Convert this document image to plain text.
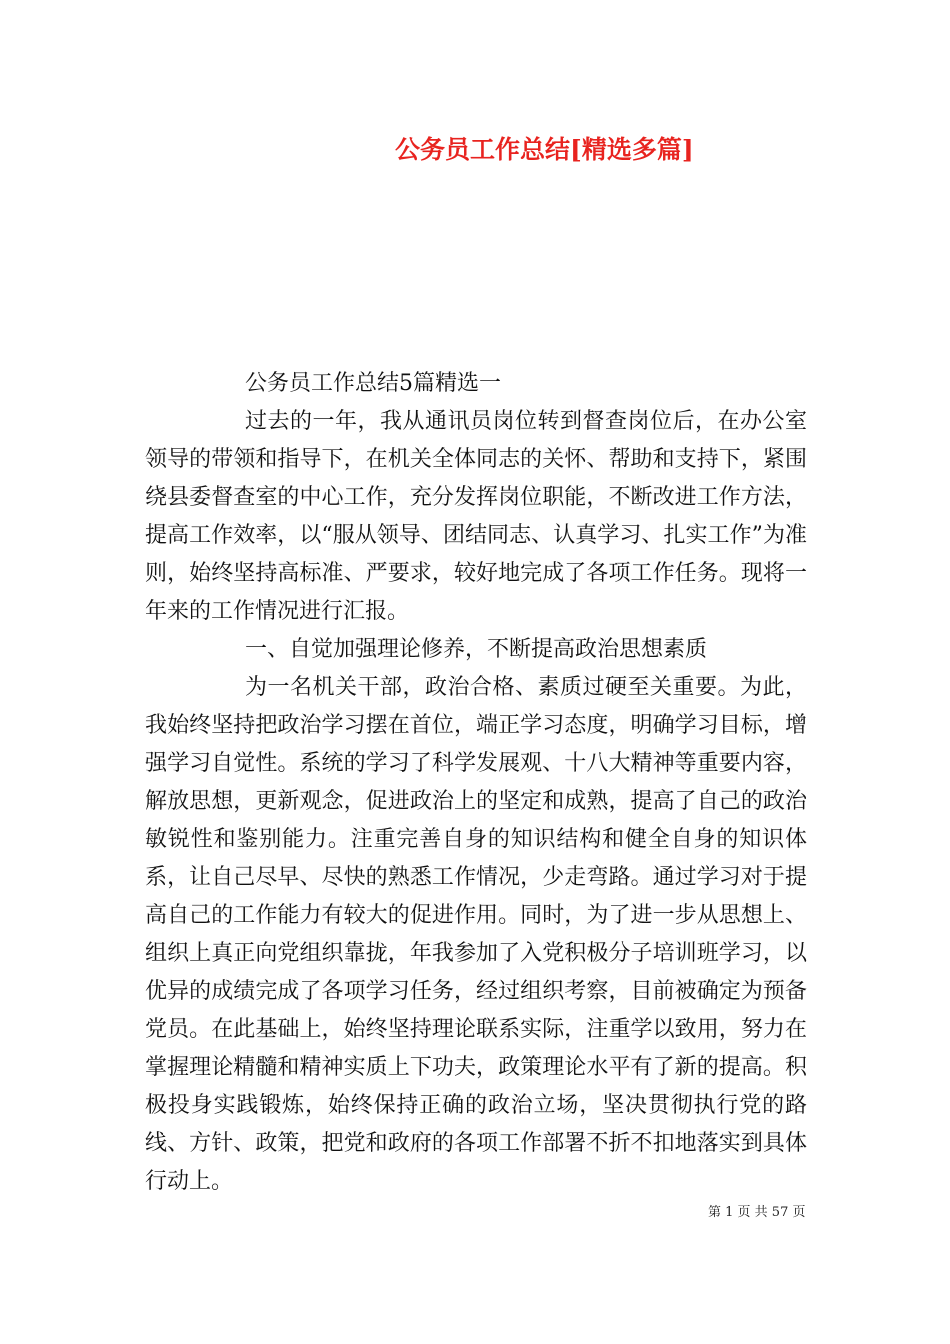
公务员工作总结[精选多篇]

公务员工作总结5篇精选一

过去的一年，我从通讯员岗位转到督查岗位后，在办公室领导的带领和指导下，在机关全体同志的关怀、帮助和支持下，紧围绕县委督查室的中心工作，充分发挥岗位职能，不断改进工作方法，提高工作效率，以“服从领导、团结同志、认真学习、扎实工作”为准则，始终坚持高标准、严要求，较好地完成了各项工作任务。现将一年来的工作情况进行汇报。

一、自觉加强理论修养，不断提高政治思想素质

为一名机关干部，政治合格、素质过硬至关重要。为此，我始终坚持把政治学习摆在首位，端正学习态度，明确学习目标，增强学习自觉性。系统的学习了科学发展观、十八大精神等重要内容，解放思想，更新观念，促进政治上的坚定和成熟，提高了自己的政治敏锐性和鉴别能力。注重完善自身的知识结构和健全自身的知识体系，让自己尽早、尽快的熟悉工作情况，少走弯路。通过学习对于提高自己的工作能力有较大的促进作用。同时，为了进一步从思想上、组织上真正向党组织靠拢，年我参加了入党积极分子培训班学习，以优异的成绩完成了各项学习任务，经过组织考察，目前被确定为预备党员。在此基础上，始终坚持理论联系实际，注重学以致用，努力在掌握理论精髓和精神实质上下功夫，政策理论水平有了新的提高。积极投身实践锻炼，始终保持正确的政治立场，坚决贯彻执行党的路线、方针、政策，把党和政府的各项工作部署不折不扣地落实到具体行动上。

第 1 页 共 57 页
